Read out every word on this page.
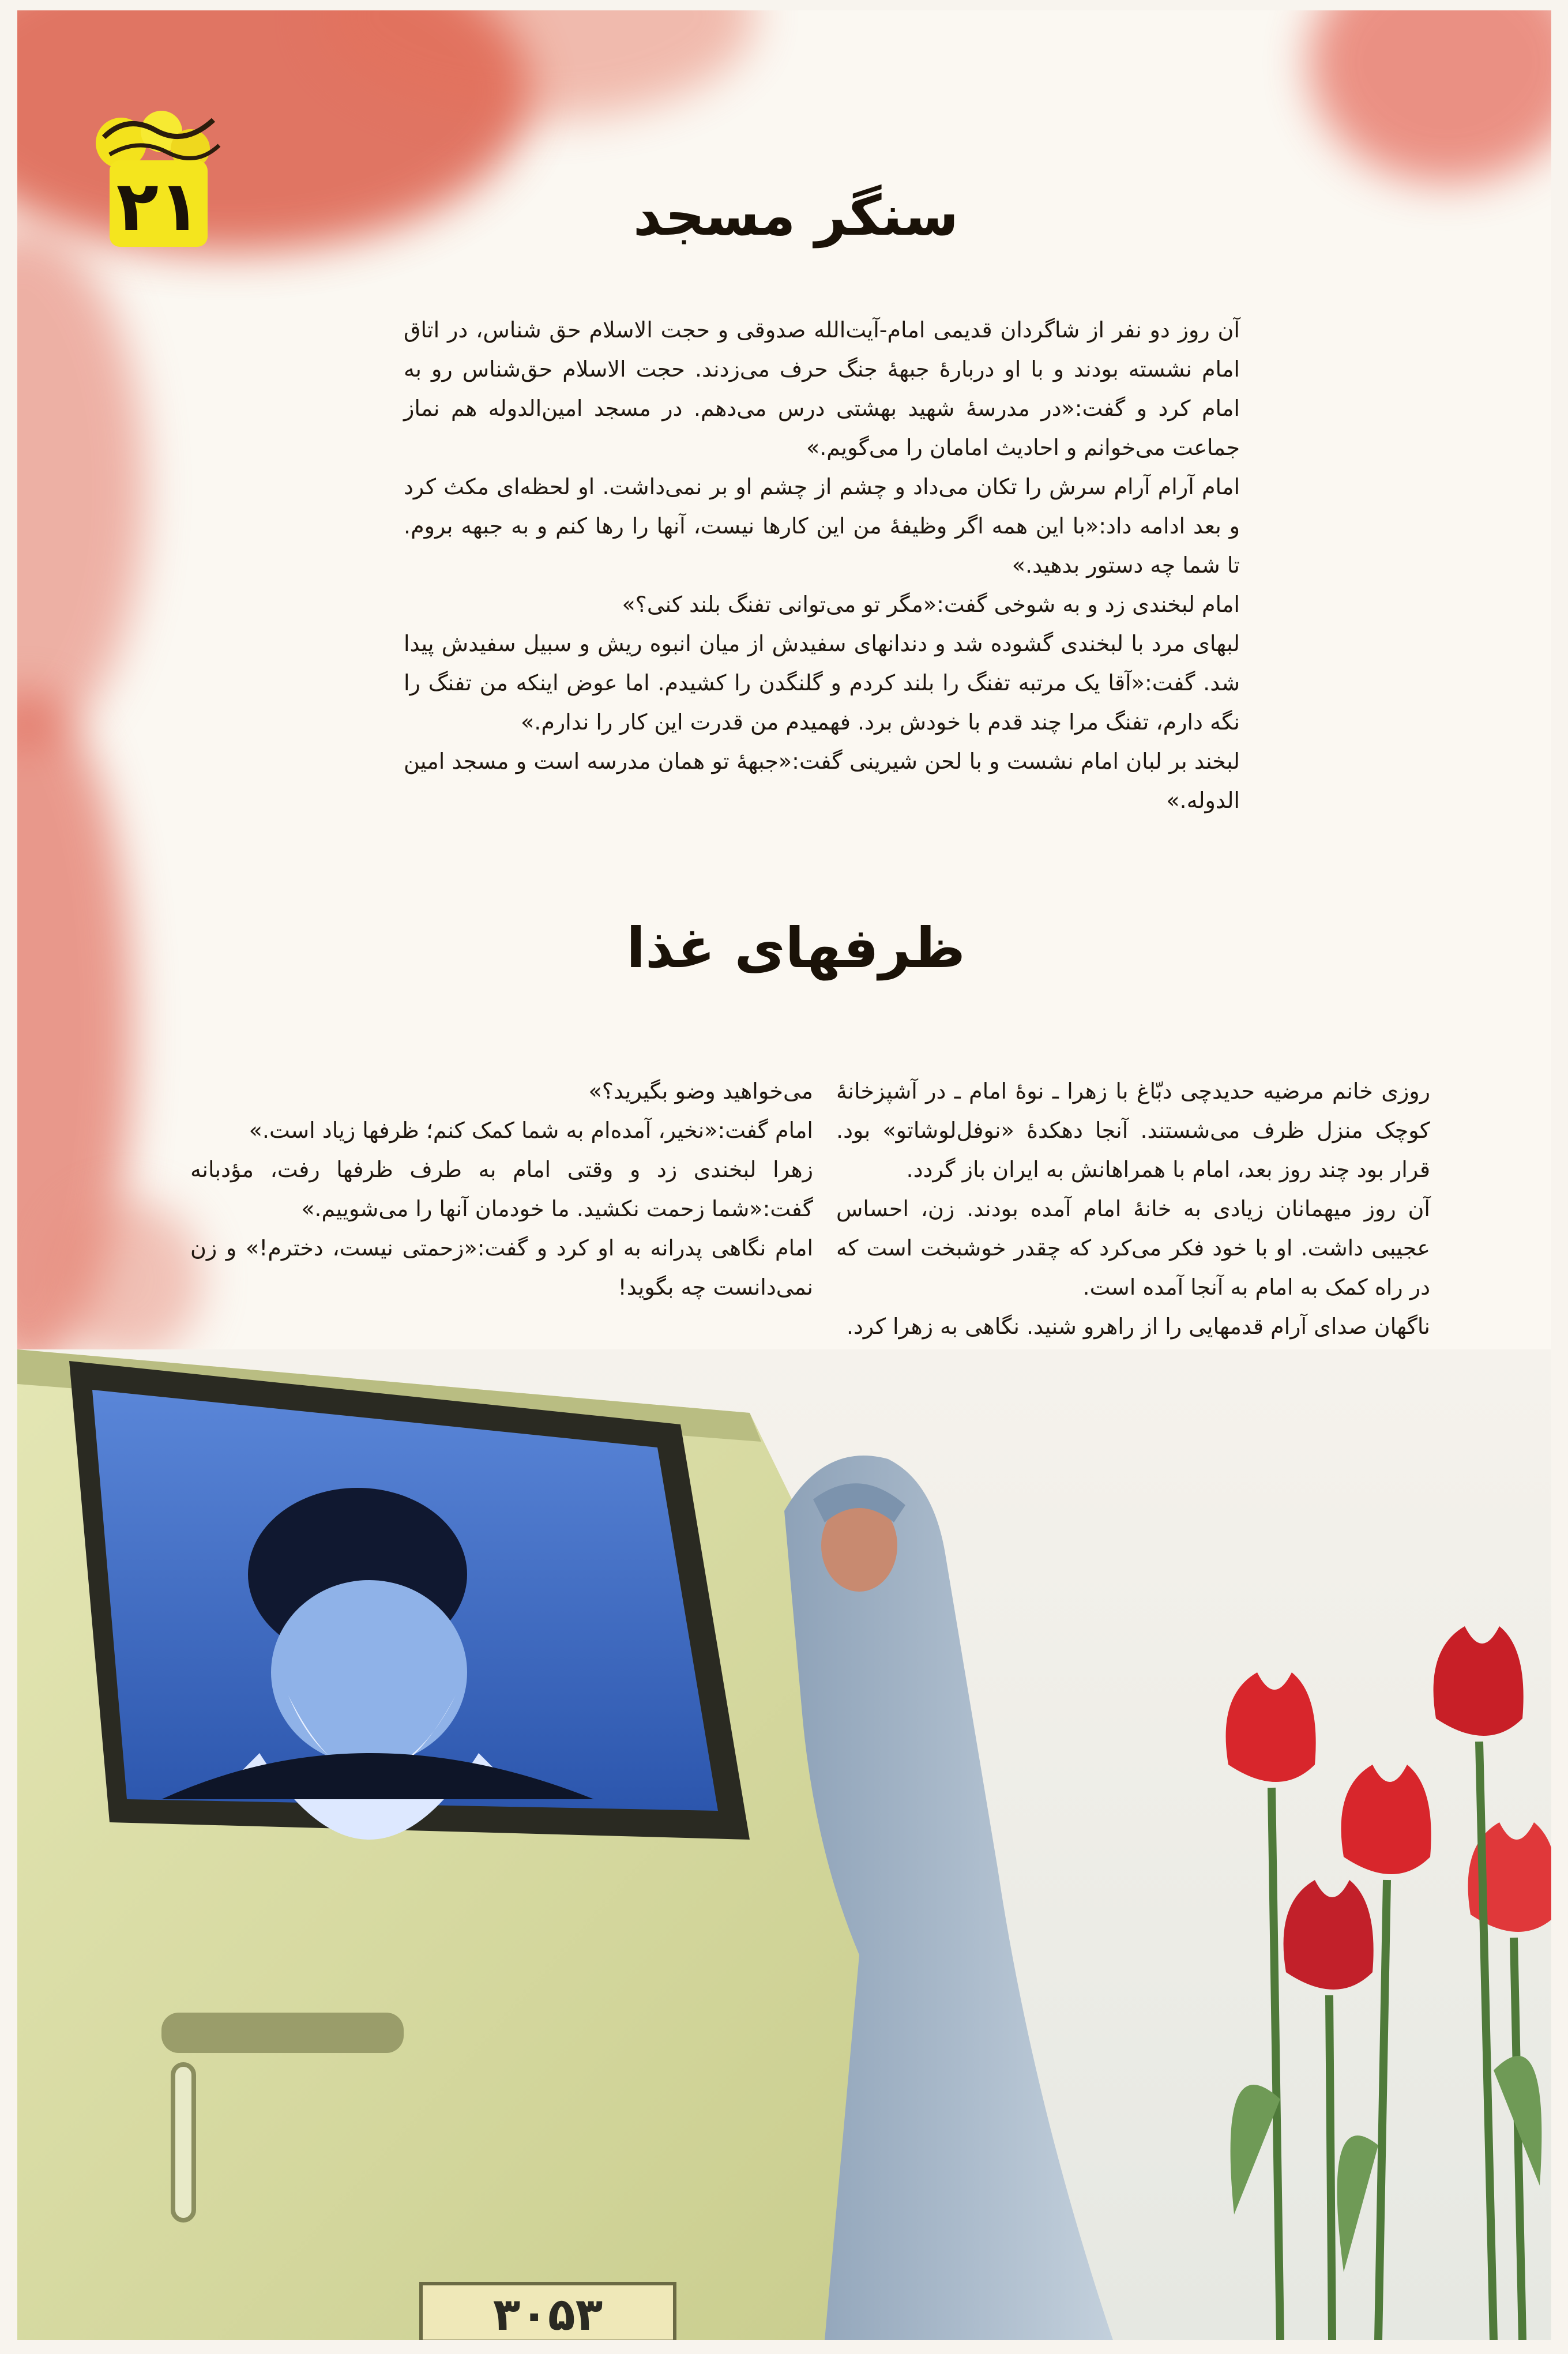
۲۱	سنگر مسجد

آن روز دو نفر از شاگردان قدیمی امام-آیت‌الله صدوقی و حجت الاسلام حق شناس، در اتاق امام نشسته بودند و با او دربارهٔ جبههٔ جنگ حرف می‌زدند. حجت الاسلام حق‌شناس رو به امام کرد و گفت:«در مدرسهٔ شهید بهشتی درس می‌دهم. در مسجد امین‌الدوله هم نماز جماعت می‌خوانم و احادیث امامان را می‌گویم.»

امام آرام آرام سرش را تکان می‌داد و چشم از چشم او بر نمی‌داشت. او لحظه‌ای مکث کرد و بعد ادامه داد:«با این همه اگر وظیفهٔ من این کارها نیست، آنها را رها کنم و به جبهه بروم. تا شما چه دستور بدهید.»

امام لبخندی زد و به شوخی گفت:«مگر تو می‌توانی تفنگ بلند کنی؟»

لبهای مرد با لبخندی گشوده شد و دندانهای سفیدش از میان انبوه ریش و سبیل سفیدش پیدا شد. گفت:«آقا یک مرتبه تفنگ را بلند کردم و گلنگدن را کشیدم. اما عوض اینکه من تفنگ را نگه دارم، تفنگ مرا چند قدم با خودش برد. فهمیدم من قدرت این کار را ندارم.»

لبخند بر لبان امام نشست و با لحن شیرینی گفت:«جبههٔ تو همان مدرسه است و مسجد امین الدوله.»

ظرفهای غذا

روزی خانم مرضیه حدیدچی دبّاغ با زهرا ـ نوهٔ امام ـ در آشپزخانهٔ کوچک منزل ظرف می‌شستند. آنجا دهکدهٔ «نوفل‌لوشاتو» بود. قرار بود چند روز بعد، امام با همراهانش به ایران باز گردد.

آن روز میهمانان زیادی به خانهٔ امام آمده بودند. زن، احساس عجیبی داشت. او با خود فکر می‌کرد که چقدر خوشبخت است که در راه کمک به امام به آنجا آمده است.

ناگهان صدای آرام قدمهایی را از راهرو شنید. نگاهی به زهرا کرد.

می‌خواهید وضو بگیرید؟»

امام گفت:«نخیر، آمده‌ام به شما کمک کنم؛ ظرفها زیاد است.»

زهرا لبخندی زد و وقتی امام به طرف ظرفها رفت، مؤدبانه گفت:«شما زحمت نکشید. ما خودمان آنها را می‌شوییم.»

امام نگاهی پدرانه به او کرد و گفت:«زحمتی نیست، دخترم!» و زن نمی‌دانست چه بگوید!

۳۰۵۳
